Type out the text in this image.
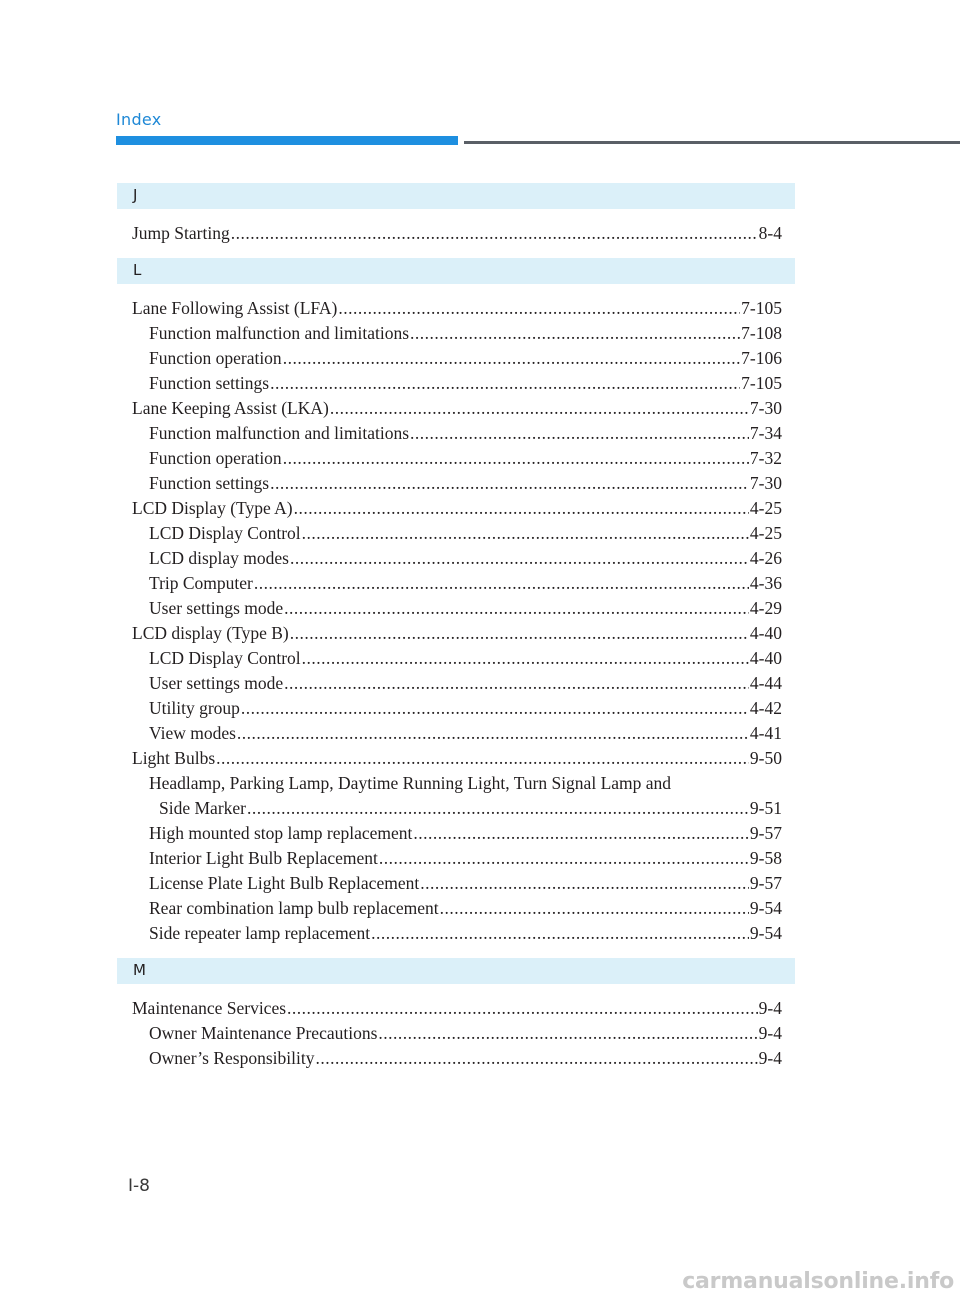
Index
J
Jump Starting .....	8-4
L
Lane Following Assist (LFA) .....	7-105
Function malfunction and limitations .....	7-108
Function operation .....	7-106
Function settings .....	7-105
Lane Keeping Assist (LKA) .....	7-30
Function malfunction and limitations .....	7-34
Function operation .....	7-32
Function settings .....	7-30
LCD Display (Type A) .....	4-25
LCD Display Control .....	4-25
LCD display modes .....	4-26
Trip Computer .....	4-36
User settings mode .....	4-29
LCD display (Type B) .....	4-40
LCD Display Control .....	4-40
User settings mode .....	4-44
Utility group .....	4-42
View modes .....	4-41
Light Bulbs .....	9-50
Headlamp, Parking Lamp, Daytime Running Light, Turn Signal Lamp and
Side Marker .....	9-51
High mounted stop lamp replacement .....	9-57
Interior Light Bulb Replacement .....	9-58
License Plate Light Bulb Replacement .....	9-57
Rear combination lamp bulb replacement .....	9-54
Side repeater lamp replacement .....	9-54
M
Maintenance Services .....	9-4
Owner Maintenance Precautions .....	9-4
Owner’s Responsibility .....	9-4
I-8
carmanualsonline.info
